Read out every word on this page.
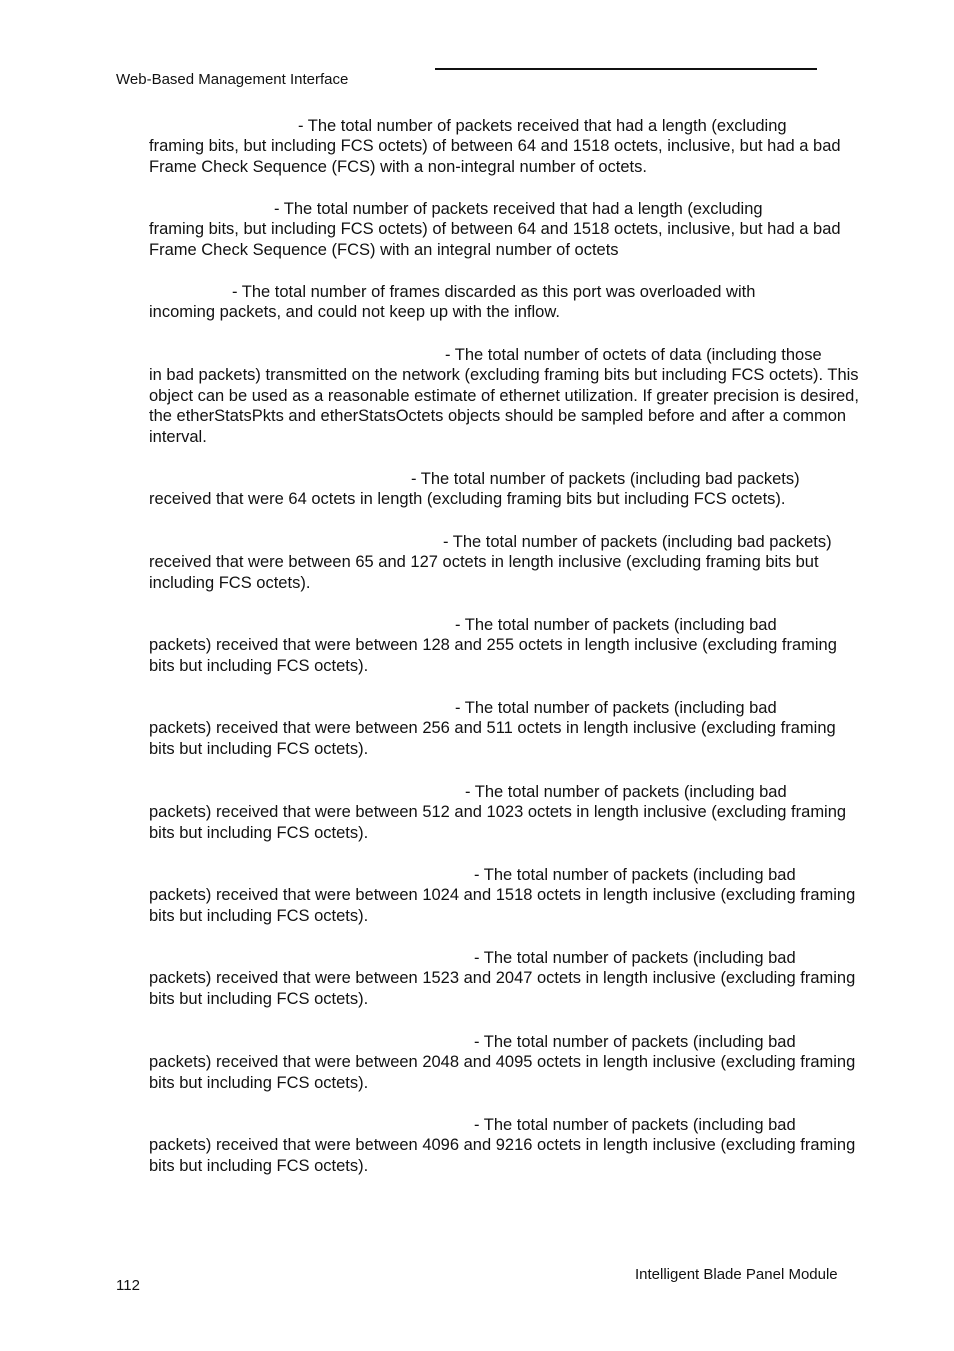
Web-Based Management Interface

- The total number of packets received that had a length (excluding
framing bits, but including FCS octets) of between 64 and 1518 octets, inclusive, but had a bad Frame Check Sequence (FCS) with a non-integral number of octets.

- The total number of packets received that had a length (excluding
framing bits, but including FCS octets) of between 64 and 1518 octets, inclusive, but had a bad Frame Check Sequence (FCS) with an integral number of octets

- The total number of frames discarded as this port was overloaded with
incoming packets, and could not keep up with the inflow.

- The total number of octets of data (including those
in bad packets) transmitted on the network (excluding framing bits but including FCS octets). This object can be used as a reasonable estimate of ethernet utilization. If greater precision is desired, the etherStatsPkts and etherStatsOctets objects should be sampled before and after a common interval.

- The total number of packets (including bad packets)
received that were 64 octets in length (excluding framing bits but including FCS octets).

- The total number of packets (including bad packets)
received that were between 65 and 127 octets in length inclusive (excluding framing bits but including FCS octets).

- The total number of packets (including bad
packets) received that were between 128 and 255 octets in length inclusive (excluding framing bits but including FCS octets).

- The total number of packets (including bad
packets) received that were between 256 and 511 octets in length inclusive (excluding framing bits but including FCS octets).

- The total number of packets (including bad
packets) received that were between 512 and 1023 octets in length inclusive (excluding framing bits but including FCS octets).

- The total number of packets (including bad
packets) received that were between 1024 and 1518 octets in length inclusive (excluding framing bits but including FCS octets).

- The total number of packets (including bad
packets) received that were between 1523 and 2047 octets in length inclusive (excluding framing bits but including FCS octets).

- The total number of packets (including bad
packets) received that were between 2048 and 4095 octets in length inclusive (excluding framing bits but including FCS octets).

- The total number of packets (including bad
packets) received that were between 4096 and 9216 octets in length inclusive (excluding framing bits but including FCS octets).

112
Intelligent Blade Panel Module
